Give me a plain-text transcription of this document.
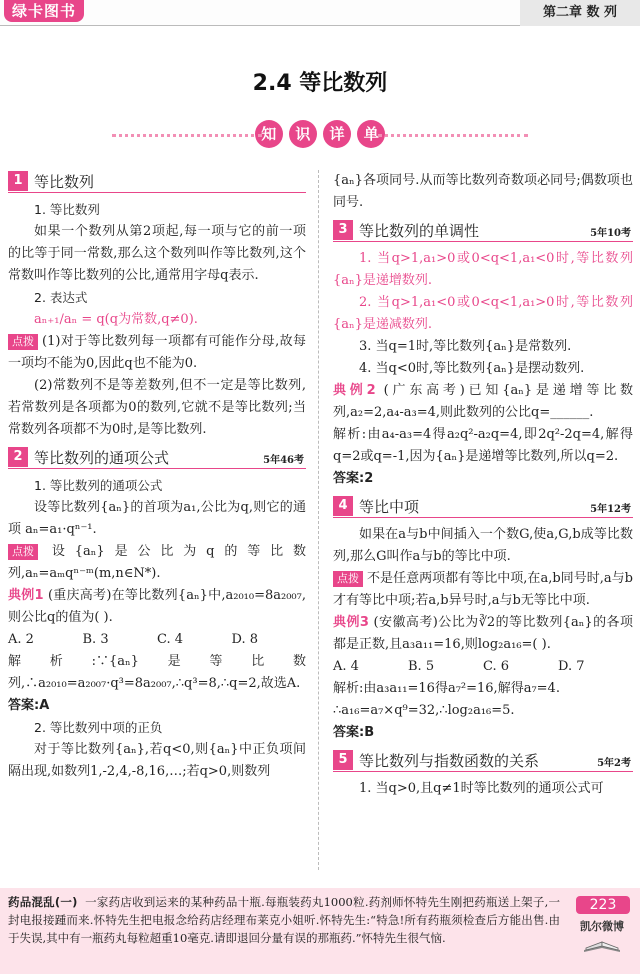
绿卡图书	第二章 数 列
2.4 等比数列
知 识 详 单
1 等比数列

1. 等比数列

如果一个数列从第2项起,每一项与它的前一项的比等于同一常数,那么这个数列叫作等比数列,这个常数叫作等比数列的公比,通常用字母q表示.

2. 表达式

aₙ₊₁/aₙ = q(q为常数,q≠0).

点拨 (1)对于等比数列每一项都有可能作分母,故每一项均不能为0,因此q也不能为0.

(2)常数列不是等差数列,但不一定是等比数列,若常数列是各项都为0的数列,它就不是等比数列;当常数列各项都不为0时,是等比数列.

2 等比数列的通项公式	5年46考

1. 等比数列的通项公式

设等比数列{aₙ}的首项为a₁,公比为q,则它的通项 aₙ=a₁·qⁿ⁻¹.

点拨 设{aₙ}是公比为q的等比数列,aₙ=aₘqⁿ⁻ᵐ(m,n∈N*).

典例1 (重庆高考)在等比数列{aₙ}中,a₂₀₁₀=8a₂₀₀₇,则公比q的值为( ).

A. 2	B. 3	C. 4	D. 8

解析:∵{aₙ}是等比数列,∴a₂₀₁₀=a₂₀₀₇·q³=8a₂₀₀₇,∴q³=8,∴q=2,故选A.

答案:A

2. 等比数列中项的正负

对于等比数列{aₙ},若q<0,则{aₙ}中正负项间隔出现,如数列1,-2,4,-8,16,…;若q>0,则数列

{aₙ}各项同号.从而等比数列奇数项必同号;偶数项也同号.

3 等比数列的单调性	5年10考

1. 当q>1,a₁>0或0<q<1,a₁<0时,等比数列{aₙ}是递增数列.

2. 当q>1,a₁<0或0<q<1,a₁>0时,等比数列{aₙ}是递减数列.

3. 当q=1时,等比数列{aₙ}是常数列.

4. 当q<0时,等比数列{aₙ}是摆动数列.

典例2 (广东高考)已知{aₙ}是递增等比数列,a₂=2,a₄-a₃=4,则此数列的公比q=______.

解析:由a₄-a₃=4得a₂q²-a₂q=4,即2q²-2q=4,解得q=2或q=-1,因为{aₙ}是递增等比数列,所以q=2.

答案:2

4 等比中项	5年12考

如果在a与b中间插入一个数G,使a,G,b成等比数列,那么G叫作a与b的等比中项.

点拨 不是任意两项都有等比中项,在a,b同号时,a与b才有等比中项;若a,b异号时,a与b无等比中项.

典例3 (安徽高考)公比为∛2的等比数列{aₙ}的各项都是正数,且a₃a₁₁=16,则log₂a₁₆=( ).

A. 4	B. 5	C. 6	D. 7

解析:由a₃a₁₁=16得a₇²=16,解得a₇=4.

∴a₁₆=a₇×q⁹=32,∴log₂a₁₆=5.

答案:B

5 等比数列与指数函数的关系	5年2考

1. 当q>0,且q≠1时等比数列的通项公式可

药品混乱(一) 一家药店收到运来的某种药品十瓶.每瓶装药丸1000粒.药剂师怀特先生刚把药瓶送上架子,一封电报接踵而来.怀特先生把电报念给药店经理布莱克小姐听.怀特先生:“特急!所有药瓶须检查后方能出售.由于失误,其中有一瓶药丸每粒超重10毫克.请即退回分量有误的那瓶药.”怀特先生很气恼.

223
凯尔微博
